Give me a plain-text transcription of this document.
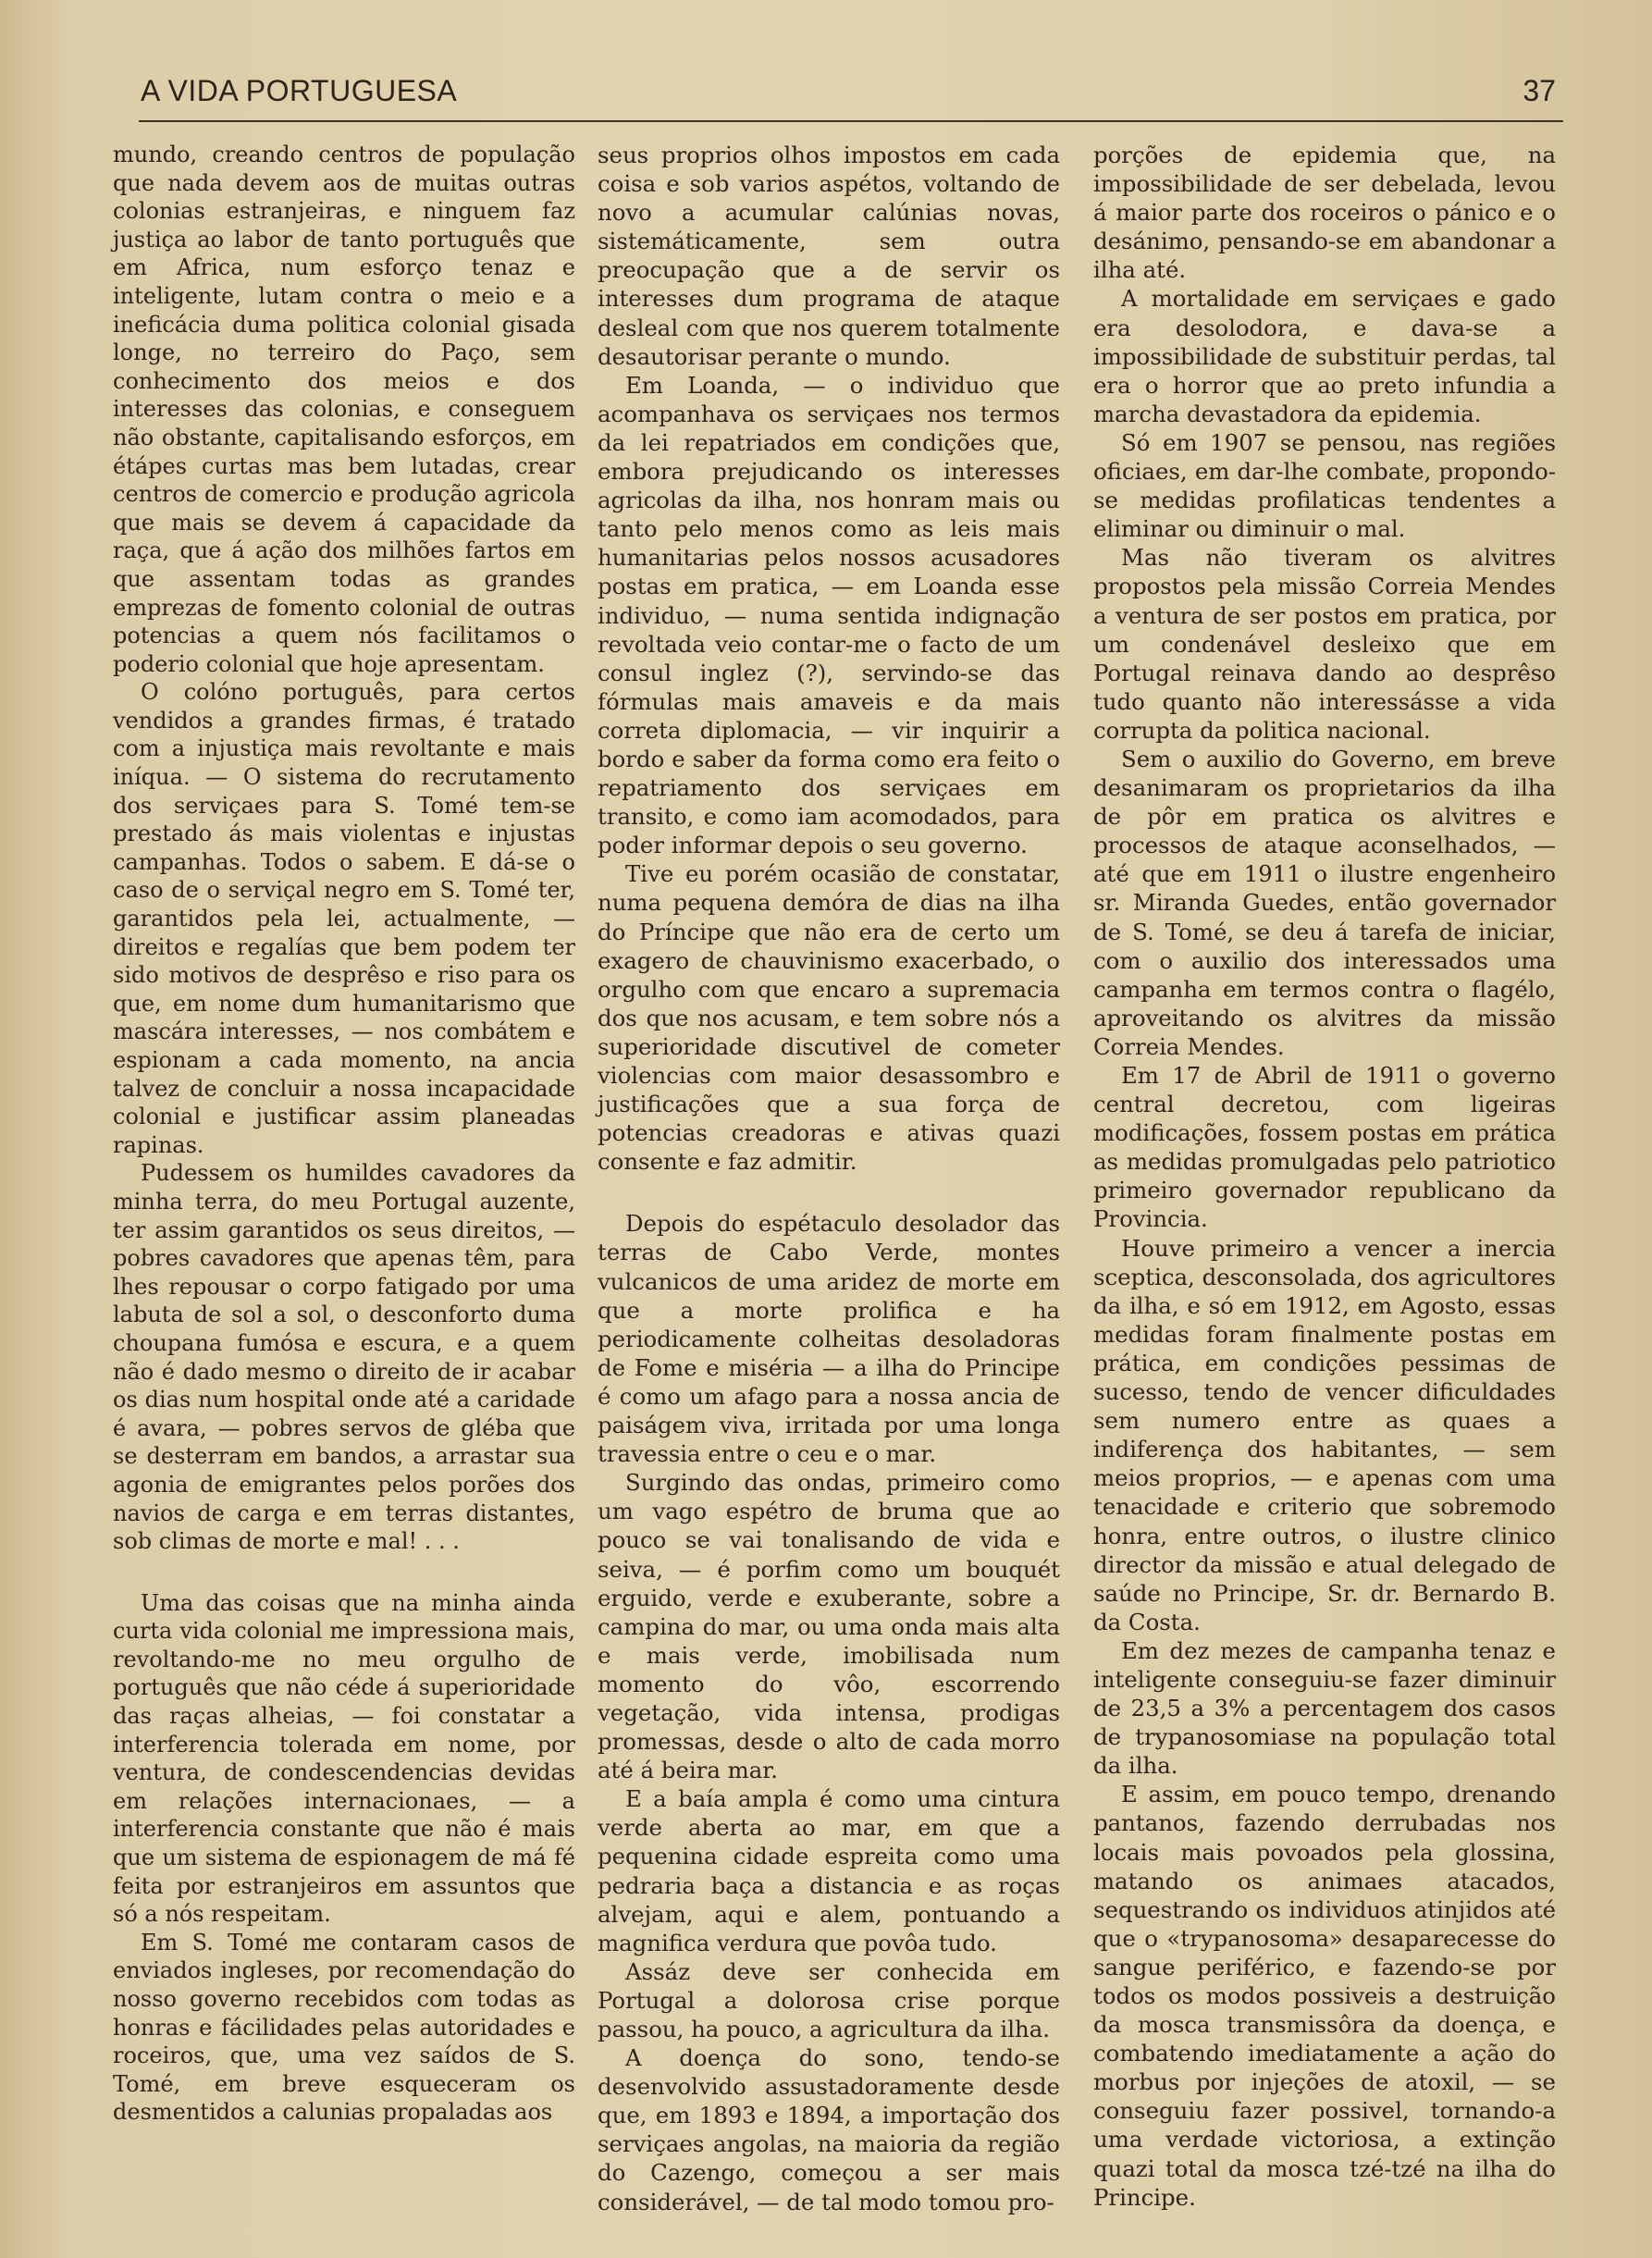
A VIDA PORTUGUESA	37

mundo, creando centros de população que nada devem aos de muitas outras colonias estranjeiras, e ninguem faz justiça ao labor de tanto português que em Africa, num esforço tenaz e inteligente, lutam contra o meio e a ineficácia duma politica colonial gisada longe, no terreiro do Paço, sem conhecimento dos meios e dos interesses das colonias, e conseguem não obstante, capitalisando esforços, em étápes curtas mas bem lutadas, crear centros de comercio e produção agricola que mais se devem á capacidade da raça, que á ação dos milhões fartos em que assentam todas as grandes emprezas de fomento colonial de outras potencias a quem nós facilitamos o poderio colonial que hoje apresentam.

O colóno português, para certos vendidos a grandes firmas, é tratado com a injustiça mais revoltante e mais iníqua. — O sistema do recrutamento dos serviçaes para S. Tomé tem-se prestado ás mais violentas e injustas campanhas. Todos o sabem. E dá-se o caso de o serviçal negro em S. Tomé ter, garantidos pela lei, actualmente, — direitos e regalías que bem podem ter sido motivos de desprêso e riso para os que, em nome dum humanitarismo que mascára interesses, — nos combátem e espionam a cada momento, na ancia talvez de concluir a nossa incapacidade colonial e justificar assim planeadas rapinas.

Pudessem os humildes cavadores da minha terra, do meu Portugal auzente, ter assim garantidos os seus direitos, — pobres cavadores que apenas têm, para lhes repousar o corpo fatigado por uma labuta de sol a sol, o desconforto duma choupana fumósa e escura, e a quem não é dado mesmo o direito de ir acabar os dias num hospital onde até a caridade é avara, — pobres servos de gléba que se desterram em bandos, a arrastar sua agonia de emigrantes pelos porões dos navios de carga e em terras distantes, sob climas de morte e mal! . . .

Uma das coisas que na minha ainda curta vida colonial me impressiona mais, revoltando-me no meu orgulho de português que não céde á superioridade das raças alheias, — foi constatar a interferencia tolerada em nome, por ventura, de condescendencias devidas em relações internacionaes, — a interferencia constante que não é mais que um sistema de espionagem de má fé feita por estranjeiros em assuntos que só a nós respeitam.

Em S. Tomé me contaram casos de enviados ingleses, por recomendação do nosso governo recebidos com todas as honras e fácilidades pelas autoridades e roceiros, que, uma vez saídos de S. Tomé, em breve esqueceram os desmentidos a calunias propaladas aos

seus proprios olhos impostos em cada coisa e sob varios aspétos, voltando de novo a acumular calúnias novas, sistemáticamente, sem outra preocupação que a de servir os interesses dum programa de ataque desleal com que nos querem totalmente desautorisar perante o mundo.

Em Loanda, — o individuo que acompanhava os serviçaes nos termos da lei repatriados em condições que, embora prejudicando os interesses agricolas da ilha, nos honram mais ou tanto pelo menos como as leis mais humanitarias pelos nossos acusadores postas em pratica, — em Loanda esse individuo, — numa sentida indignação revoltada veio contar-me o facto de um consul inglez (?), servindo-se das fórmulas mais amaveis e da mais correta diplomacia, — vir inquirir a bordo e saber da forma como era feito o repatriamento dos serviçaes em transito, e como iam acomodados, para poder informar depois o seu governo.

Tive eu porém ocasião de constatar, numa pequena demóra de dias na ilha do Príncipe que não era de certo um exagero de chauvinismo exacerbado, o orgulho com que encaro a supremacia dos que nos acusam, e tem sobre nós a superioridade discutivel de cometer violencias com maior desassombro e justificações que a sua força de potencias creadoras e ativas quazi consente e faz admitir.

Depois do espétaculo desolador das terras de Cabo Verde, montes vulcanicos de uma aridez de morte em que a morte prolifica e ha periodicamente colheitas desoladoras de Fome e miséria — a ilha do Principe é como um afago para a nossa ancia de paiságem viva, irritada por uma longa travessia entre o ceu e o mar.

Surgindo das ondas, primeiro como um vago espétro de bruma que ao pouco se vai tonalisando de vida e seiva, — é porfim como um bouquét erguido, verde e exuberante, sobre a campina do mar, ou uma onda mais alta e mais verde, imobilisada num momento do vôo, escorrendo vegetação, vida intensa, prodigas promessas, desde o alto de cada morro até á beira mar.

E a baía ampla é como uma cintura verde aberta ao mar, em que a pequenina cidade espreita como uma pedraria baça a distancia e as roças alvejam, aqui e alem, pontuando a magnifica verdura que povôa tudo.

Assáz deve ser conhecida em Portugal a dolorosa crise porque passou, ha pouco, a agricultura da ilha.

A doença do sono, tendo-se desenvolvido assustadoramente desde que, em 1893 e 1894, a importação dos serviçaes angolas, na maioria da região do Cazengo, começou a ser mais considerável, — de tal modo tomou pro-

porções de epidemia que, na impossibilidade de ser debelada, levou á maior parte dos roceiros o pánico e o desánimo, pensando-se em abandonar a ilha até.

A mortalidade em serviçaes e gado era desolodora, e dava-se a impossibilidade de substituir perdas, tal era o horror que ao preto infundia a marcha devastadora da epidemia.

Só em 1907 se pensou, nas regiões oficiaes, em dar-lhe combate, propondo-se medidas profilaticas tendentes a eliminar ou diminuir o mal.

Mas não tiveram os alvitres propostos pela missão Correia Mendes a ventura de ser postos em pratica, por um condenável desleixo que em Portugal reinava dando ao desprêso tudo quanto não interessásse a vida corrupta da politica nacional.

Sem o auxilio do Governo, em breve desanimaram os proprietarios da ilha de pôr em pratica os alvitres e processos de ataque aconselhados, — até que em 1911 o ilustre engenheiro sr. Miranda Guedes, então governador de S. Tomé, se deu á tarefa de iniciar, com o auxilio dos interessados uma campanha em termos contra o flagélo, aproveitando os alvitres da missão Correia Mendes.

Em 17 de Abril de 1911 o governo central decretou, com ligeiras modificações, fossem postas em prática as medidas promulgadas pelo patriotico primeiro governador republicano da Provincia.

Houve primeiro a vencer a inercia sceptica, desconsolada, dos agricultores da ilha, e só em 1912, em Agosto, essas medidas foram finalmente postas em prática, em condições pessimas de sucesso, tendo de vencer dificuldades sem numero entre as quaes a indiferença dos habitantes, — sem meios proprios, — e apenas com uma tenacidade e criterio que sobremodo honra, entre outros, o ilustre clinico director da missão e atual delegado de saúde no Principe, Sr. dr. Bernardo B. da Costa.

Em dez mezes de campanha tenaz e inteligente conseguiu-se fazer diminuir de 23,5 a 3% a percentagem dos casos de trypanosomiase na população total da ilha.

E assim, em pouco tempo, drenando pantanos, fazendo derrubadas nos locais mais povoados pela glossina, matando os animaes atacados, sequestrando os individuos atinjidos até que o «trypanosoma» desaparecesse do sangue periférico, e fazendo-se por todos os modos possiveis a destruição da mosca transmissôra da doença, e combatendo imediatamente a ação do morbus por injeções de atoxil, — se conseguiu fazer possivel, tornando-a uma verdade victoriosa, a extinção quazi total da mosca tzé-tzé na ilha do Principe.
